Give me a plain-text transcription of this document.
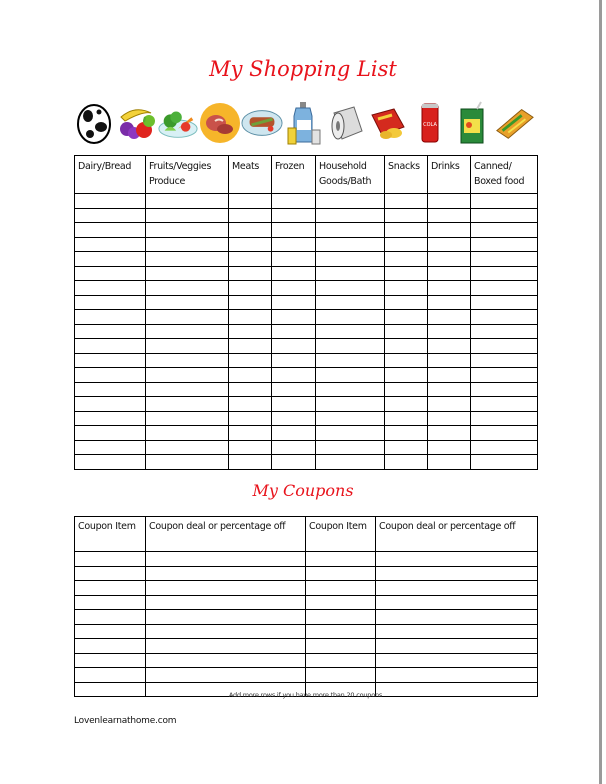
My Shopping List
COLA
Dairy/Bread	Fruits/Veggies Produce	Meats	Frozen	Household Goods/Bath	Snacks	Drinks	Canned/ Boxed food

My Coupons
Coupon Item	Coupon deal or percentage off	Coupon Item	Coupon deal or percentage off

Add more rows if you have more than 20 coupons
Lovenlearnathome.com
